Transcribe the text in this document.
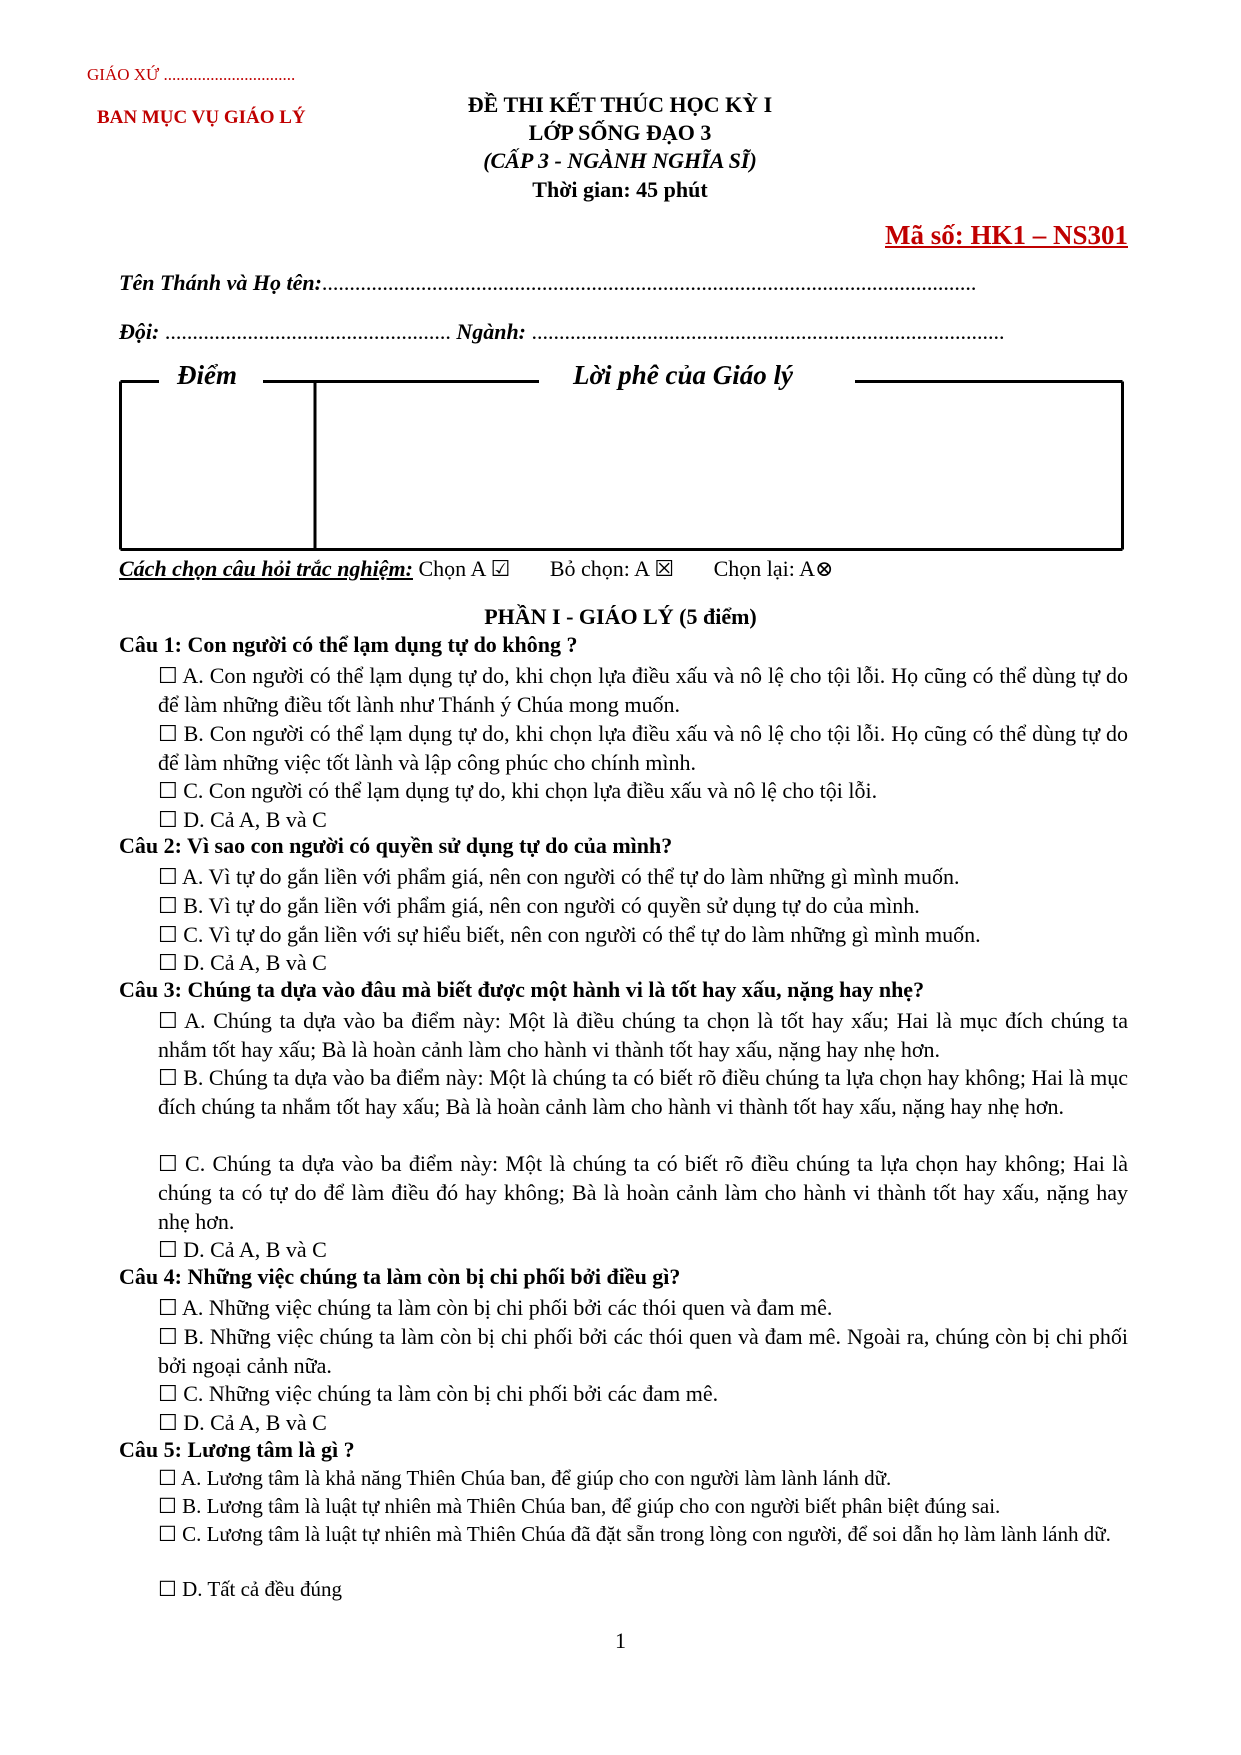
GIÁO XỨ ...............................
BAN MỤC VỤ GIÁO LÝ
ĐỀ THI KẾT THÚC HỌC KỲ I
LỚP SỐNG ĐẠO 3
(CẤP 3 - NGÀNH NGHĨA SĨ)
Thời gian: 45 phút
Mã số: HK1 – NS301
Tên Thánh và Họ tên:.......................................................................................................................
Đội: .................................................... Ngành: ......................................................................................
Điểm	Lời phê của Giáo lý
Cách chọn câu hỏi trắc nghiệm: Chọn A ☑ Bỏ chọn: A ☒ Chọn lại: A⊗
PHẦN I - GIÁO LÝ (5 điểm)
Câu 1: Con người có thể lạm dụng tự do không ?
☐ A. Con người có thể lạm dụng tự do, khi chọn lựa điều xấu và nô lệ cho tội lỗi. Họ cũng có thể dùng tự do để làm những điều tốt lành như Thánh ý Chúa mong muốn.
☐ B. Con người có thể lạm dụng tự do, khi chọn lựa điều xấu và nô lệ cho tội lỗi. Họ cũng có thể dùng tự do để làm những việc tốt lành và lập công phúc cho chính mình.
☐ C. Con người có thể lạm dụng tự do, khi chọn lựa điều xấu và nô lệ cho tội lỗi.
☐ D. Cả A, B và C
Câu 2: Vì sao con người có quyền sử dụng tự do của mình?
☐ A. Vì tự do gắn liền với phẩm giá, nên con người có thể tự do làm những gì mình muốn.
☐ B. Vì tự do gắn liền với phẩm giá, nên con người có quyền sử dụng tự do của mình.
☐ C. Vì tự do gắn liền với sự hiểu biết, nên con người có thể tự do làm những gì mình muốn.
☐ D. Cả A, B và C
Câu 3: Chúng ta dựa vào đâu mà biết được một hành vi là tốt hay xấu, nặng hay nhẹ?
☐ A. Chúng ta dựa vào ba điểm này: Một là điều chúng ta chọn là tốt hay xấu; Hai là mục đích chúng ta nhắm tốt hay xấu; Bà là hoàn cảnh làm cho hành vi thành tốt hay xấu, nặng hay nhẹ hơn.
☐ B. Chúng ta dựa vào ba điểm này: Một là chúng ta có biết rõ điều chúng ta lựa chọn hay không; Hai là mục đích chúng ta nhắm tốt hay xấu; Bà là hoàn cảnh làm cho hành vi thành tốt hay xấu, nặng hay nhẹ hơn.
☐ C. Chúng ta dựa vào ba điểm này: Một là chúng ta có biết rõ điều chúng ta lựa chọn hay không; Hai là chúng ta có tự do để làm điều đó hay không; Bà là hoàn cảnh làm cho hành vi thành tốt hay xấu, nặng hay nhẹ hơn.
☐ D. Cả A, B và C
Câu 4: Những việc chúng ta làm còn bị chi phối bởi điều gì?
☐ A. Những việc chúng ta làm còn bị chi phối bởi các thói quen và đam mê.
☐ B. Những việc chúng ta làm còn bị chi phối bởi các thói quen và đam mê. Ngoài ra, chúng còn bị chi phối bởi ngoại cảnh nữa.
☐ C. Những việc chúng ta làm còn bị chi phối bởi các đam mê.
☐ D. Cả A, B và C
Câu 5: Lương tâm là gì ?
☐ A. Lương tâm là khả năng Thiên Chúa ban, để giúp cho con người làm lành lánh dữ.
☐ B. Lương tâm là luật tự nhiên mà Thiên Chúa ban, để giúp cho con người biết phân biệt đúng sai.
☐ C. Lương tâm là luật tự nhiên mà Thiên Chúa đã đặt sẵn trong lòng con người, để soi dẫn họ làm lành lánh dữ.
☐ D. Tất cả đều đúng
1
